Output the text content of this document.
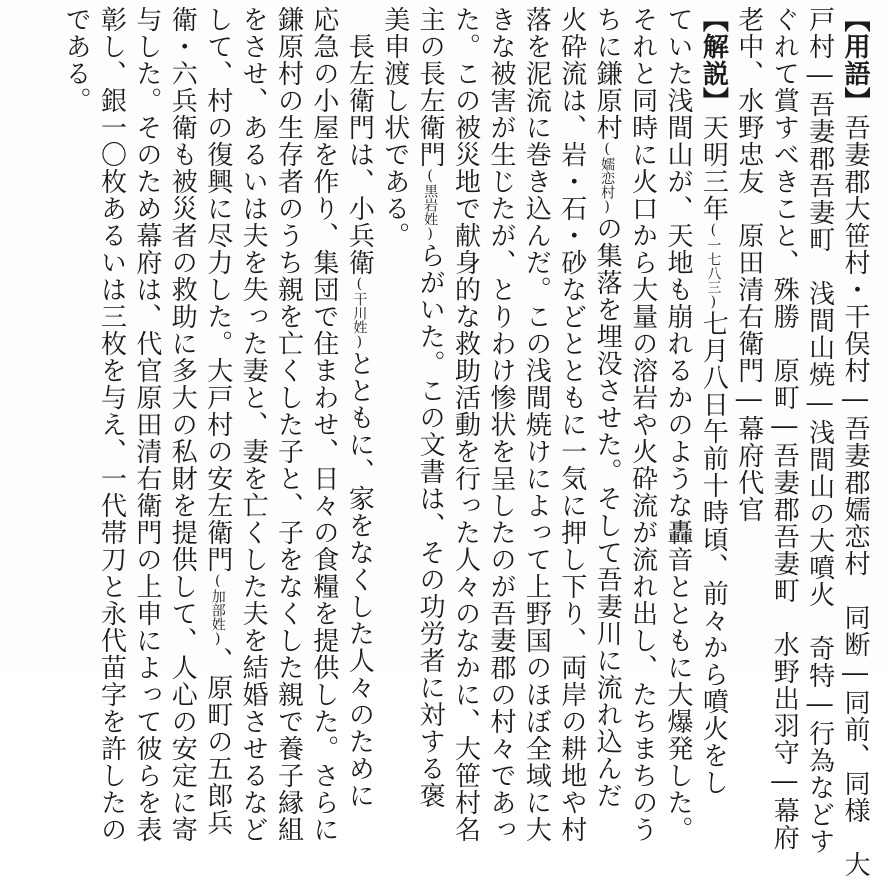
【用語】吾妻郡大笹村・干俣村―吾妻郡嬬恋村　同断―同前、同様　大
戸村―吾妻郡吾妻町　浅間山焼―浅間山の大噴火　奇特―行為などす
ぐれて賞すべきこと、殊勝　原町―吾妻郡吾妻町　水野出羽守―幕府
老中、水野忠友　原田清右衛門―幕府代官
【解説】天明三年(一七八三)七月八日午前十時頃、前々から噴火をし
ていた浅間山が、天地も崩れるかのような轟音とともに大爆発した。
それと同時に火口から大量の溶岩や火砕流が流れ出し、たちまちのう
ちに鎌原村(嬬恋村)の集落を埋没させた。そして吾妻川に流れ込んだ
火砕流は、岩・石・砂などとともに一気に押し下り、両岸の耕地や村
落を泥流に巻き込んだ。この浅間焼けによって上野国のほぼ全域に大
きな被害が生じたが、とりわけ惨状を呈したのが吾妻郡の村々であっ
た。この被災地で献身的な救助活動を行った人々のなかに、大笹村名
主の長左衛門(黒岩姓)らがいた。この文書は、その功労者に対する褒
美申渡し状である。
　長左衛門は、小兵衛(干川姓)とともに、家をなくした人々のために
応急の小屋を作り、集団で住まわせ、日々の食糧を提供した。さらに
鎌原村の生存者のうち親を亡くした子と、子をなくした親で養子縁組
をさせ、あるいは夫を失った妻と、妻を亡くした夫を結婚させるなど
して、村の復興に尽力した。大戸村の安左衛門(加部姓)、原町の五郎兵
衛・六兵衛も被災者の救助に多大の私財を提供して、人心の安定に寄
与した。そのため幕府は、代官原田清右衛門の上申によって彼らを表
彰し、銀一〇枚あるいは三枚を与え、一代帯刀と永代苗字を許したの
である。
